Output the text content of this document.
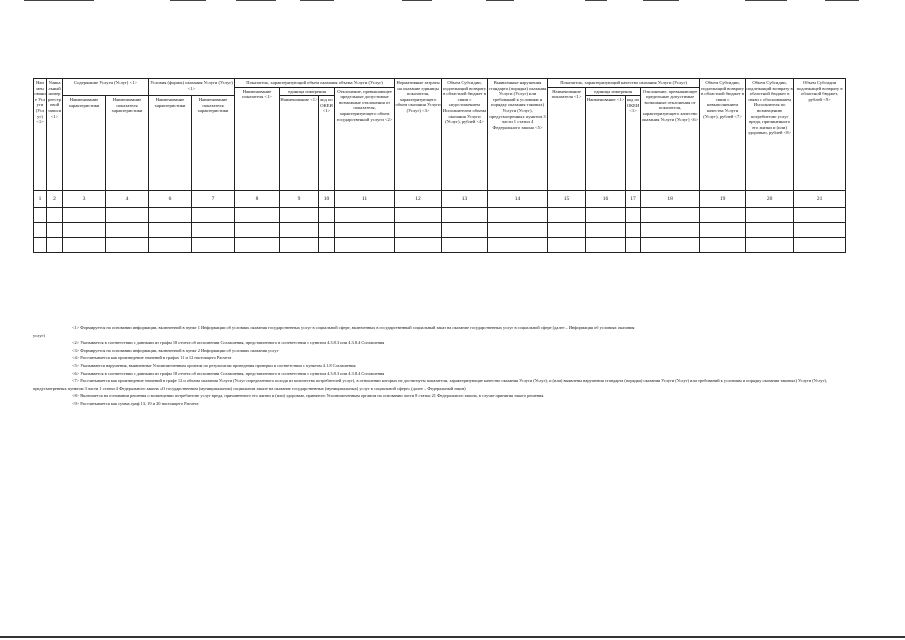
Наи мен овани е Усл уги (Усл уг) <1>	Уника льный номер реестр овой записи <1>	Содержание Услуги (Услуг) <1>		Условия (формы) оказания Услуги (Услуг) <1>		Показатель, характеризующий объем оказания объема Услуги (Услуг)				Нормативные затраты на оказание единицы показателя, характеризующего объем оказания Услуги (Услуг) <3>	Объем Субсидии, подлежащий возврату в областной бюджет в связи с недостижением Исполнителем объема оказания Услуги (Услуг), рублей <4>	Выявленные нарушения стандарта (порядка) оказания Услуги (Услуг) или требований к условиям и порядку оказания таковых) Услуги (Услуг), предусмотренных пунктом 3 части 1 статьи 4 Федерального закона <5>	Показатель, характеризующий качество оказания Услуги (Услуг)				Объем Субсидии, подлежащий возврату в областной бюджет в связи с невыполнением качества Услуги (Услуг), рублей <7>	Объем Субсидии, подлежащий возврату в областной бюджет в связи с обоснованием Исполнителя по возмещению потребителю услуг вреда, причиненного его жизни и (или) здоровью, рублей <8>	Объем Субсидии подлежащей возврату в областной бюджет, рублей <9>
						Наименование показателя <1>	единица измерения		Отклонение, превышающее предельные допустимые возможные отклонения от показателя, характеризующего объем государственной услуги <2>				Наименование показателя <1>	единица измерения		Отклонение, превышающее предельные допустимые возможные отклонения от показателя, характеризующего качество оказания Услуги (Услуг) <6>			
		Наименование характеристики	Наименование показателя характеристики	Наименование характеристики	Наименование показателя характеристики		Наименование <1>	код по ОКЕИ <1>						Наименование <1>	код по ОКЕИ <1>				
1	2	3	4	6	7	8	9	10	11	12	13	14	15	16	17	18	19	20	21

<1> Формируется на основании информации, включенной в пункт 1 Информации об условиях оказания государственных услуг в социальной сфере, включенных в государственный социальный заказ на оказание государственных услуг в социальной сфере (далее – Информация об условиях оказания

услуг)

<2> Указывается в соответствии с данными из графы 18 отчета об исполнении Соглашения, представленного в соответствии с пунктом 4.3.8.3 или 4.3.8.4 Соглашения

<3> Формируется на основании информации, включенной в пункт 2 Информации об условиях оказания услуг

<4> Рассчитывается как произведение значений в графах 11 и 12 настоящего Расчета

<5> Указываются нарушения, выявленные Уполномоченным органом по результатам проведения проверки в соответствии с пунктом 4.1.8 Соглашения

<6> Указывается в соответствии с данными из графы 18 отчета об исполнении Соглашения, представленного в соответствии с пунктом 4.3.8.3 или 4.3.8.4 Соглашения

<7> Рассчитывается как произведение значений в графе 12 и объема оказания Услуги (Услуг определенного исходя из количества потребителей услуг), в отношении которых не достигнуты показатели, характеризующие качество оказания Услуги (Услуг), и (или) выявлены нарушения стандарта (порядка) оказания Услуги (Услуг) или требований к условиям и порядку оказания таковых) Услуги (Услуг), предусмотренных пунктом 3 части 1 статьи 4 Федерального закона «О государственном (муниципальном) социальном заказе на оказание государственных (муниципальных) услуг в социальной сфере» (далее – Федеральный закон)

<8> Включается на основании решения о возмещении потребителю услуг вреда, причиненного его жизни и (или) здоровью, принятого Уполномоченным органом на основании части 8 статьи 21 Федерального закона, в случае принятия такого решения

<9> Рассчитывается как сумма граф 13, 19 и 20 настоящего Расчета
